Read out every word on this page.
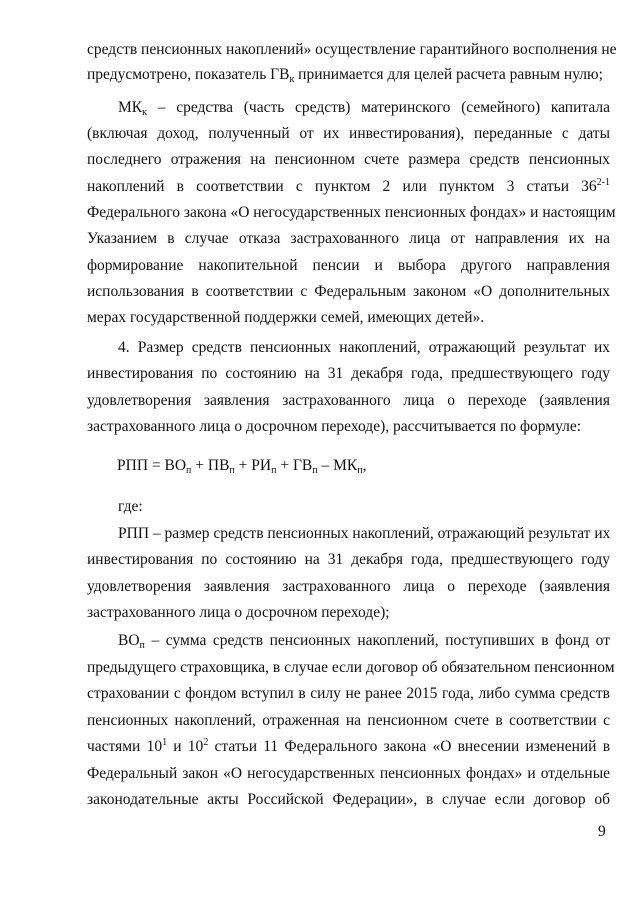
средств пенсионных накоплений» осуществление гарантийного восполнения не
предусмотрено, показатель $ГВ_к$ принимается для целей расчета равным нулю;
$МК_к$ – средства (часть средств) материнского (семейного) капитала
(включая доход, полученный от их инвестирования), переданные с даты
последнего отражения на пенсионном счете размера средств пенсионных
накоплений в соответствии с пунктом 2 или пунктом 3 статьи 36$^{2-1}$
Федерального закона «О негосударственных пенсионных фондах» и настоящим
Указанием в случае отказа застрахованного лица от направления их на
формирование накопительной пенсии и выбора другого направления
использования в соответствии с Федеральным законом «О дополнительных
мерах государственной поддержки семей, имеющих детей».
4. Размер средств пенсионных накоплений, отражающий результат их
инвестирования по состоянию на 31 декабря года, предшествующего году
удовлетворения заявления застрахованного лица о переходе (заявления
застрахованного лица о досрочном переходе), рассчитывается по формуле:
РПП = $ВО_п + ПВ_п + РИ_п + ГВ_п - МК_п$,
где:
РПП – размер средств пенсионных накоплений, отражающий результат их
инвестирования по состоянию на 31 декабря года, предшествующего году
удовлетворения заявления застрахованного лица о переходе (заявления
застрахованного лица о досрочном переходе);
$ВО_п$ – сумма средств пенсионных накоплений, поступивших в фонд от
предыдущего страховщика, в случае если договор об обязательном пенсионном
страховании с фондом вступил в силу не ранее 2015 года, либо сумма средств
пенсионных накоплений, отраженная на пенсионном счете в соответствии с
частями $10^1$ и $10^2$ статьи 11 Федерального закона «О внесении изменений в
Федеральный закон «О негосударственных пенсионных фондах» и отдельные
законодательные акты Российской Федерации», в случае если договор об
9
